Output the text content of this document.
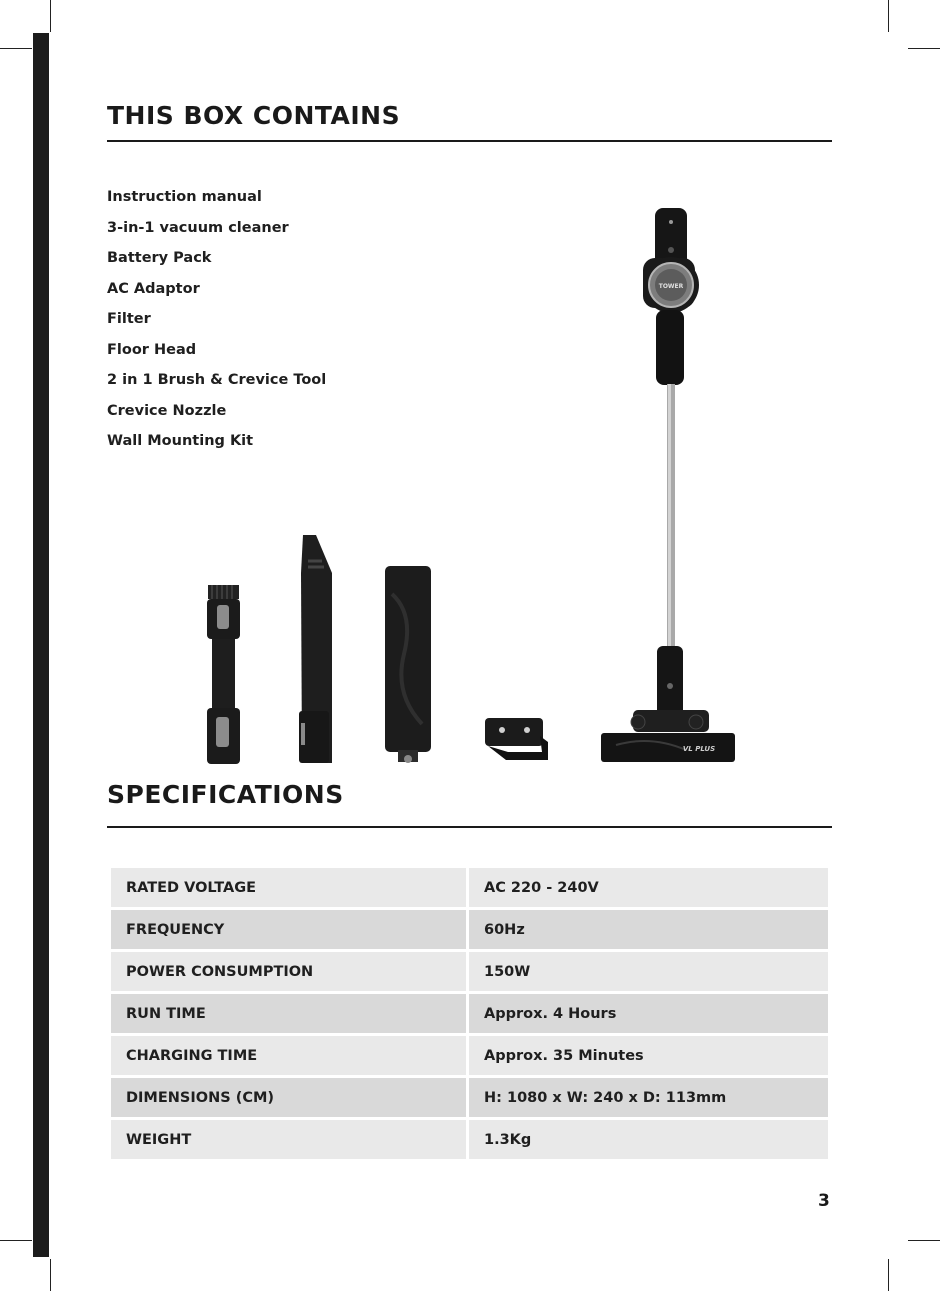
THIS BOX CONTAINS
Instruction manual
3-in-1 vacuum cleaner
Battery Pack
AC Adaptor
Filter
Floor Head
2 in 1 Brush & Crevice Tool
Crevice Nozzle
Wall Mounting Kit
TOWER
VL PLUS
SPECIFICATIONS
RATED VOLTAGE	AC 220 - 240V
FREQUENCY	60Hz
POWER CONSUMPTION	150W
RUN TIME	Approx. 4 Hours
CHARGING TIME	Approx. 35 Minutes
DIMENSIONS (CM)	H: 1080 x W: 240 x D: 113mm
WEIGHT	1.3Kg
3
